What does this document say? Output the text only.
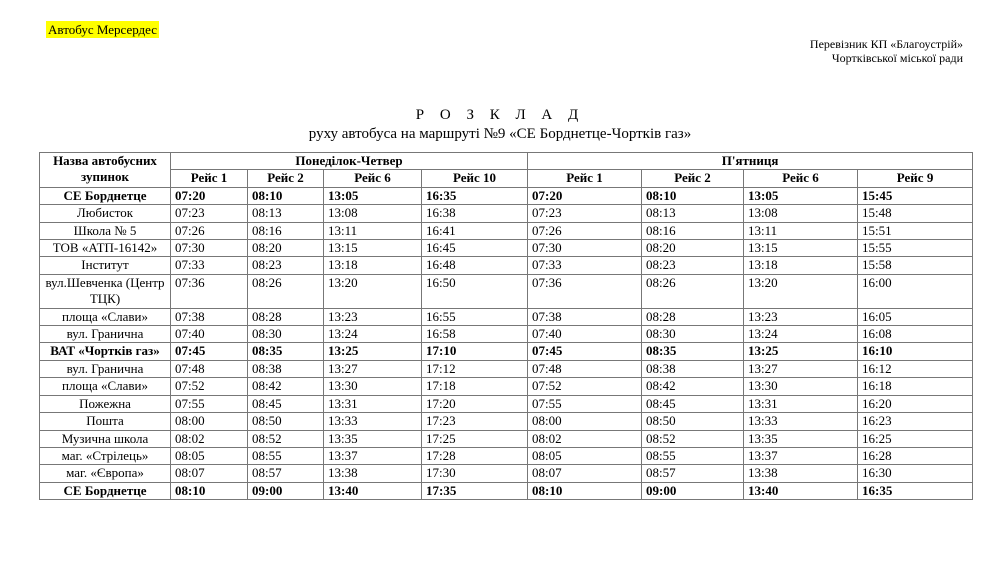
Автобус Мерсердес
Перевізник КП «Благоустрій»
Чортківської міської ради
Р О З К Л А Д
руху автобуса на маршруті №9 «СЕ Борднетце-Чортків газ»
Назва автобусних зупинок	Понеділок-Четвер				П'ятниця			
	Рейс 1	Рейс 2	Рейс 6	Рейс 10	Рейс 1	Рейс 2	Рейс 6	Рейс 9
СЕ Борднетце	07:20	08:10	13:05	16:35	07:20	08:10	13:05	15:45
Любисток	07:23	08:13	13:08	16:38	07:23	08:13	13:08	15:48
Школа № 5	07:26	08:16	13:11	16:41	07:26	08:16	13:11	15:51
ТОВ «АТП-16142»	07:30	08:20	13:15	16:45	07:30	08:20	13:15	15:55
Інститут	07:33	08:23	13:18	16:48	07:33	08:23	13:18	15:58
вул.Шевченка (Центр ТЦК)	07:36	08:26	13:20	16:50	07:36	08:26	13:20	16:00
площа «Слави»	07:38	08:28	13:23	16:55	07:38	08:28	13:23	16:05
вул. Гранична	07:40	08:30	13:24	16:58	07:40	08:30	13:24	16:08
ВАТ «Чортків газ»	07:45	08:35	13:25	17:10	07:45	08:35	13:25	16:10
вул. Гранична	07:48	08:38	13:27	17:12	07:48	08:38	13:27	16:12
площа «Слави»	07:52	08:42	13:30	17:18	07:52	08:42	13:30	16:18
Пожежна	07:55	08:45	13:31	17:20	07:55	08:45	13:31	16:20
Пошта	08:00	08:50	13:33	17:23	08:00	08:50	13:33	16:23
Музична школа	08:02	08:52	13:35	17:25	08:02	08:52	13:35	16:25
маг. «Стрілець»	08:05	08:55	13:37	17:28	08:05	08:55	13:37	16:28
маг. «Європа»	08:07	08:57	13:38	17:30	08:07	08:57	13:38	16:30
СЕ Борднетце	08:10	09:00	13:40	17:35	08:10	09:00	13:40	16:35
